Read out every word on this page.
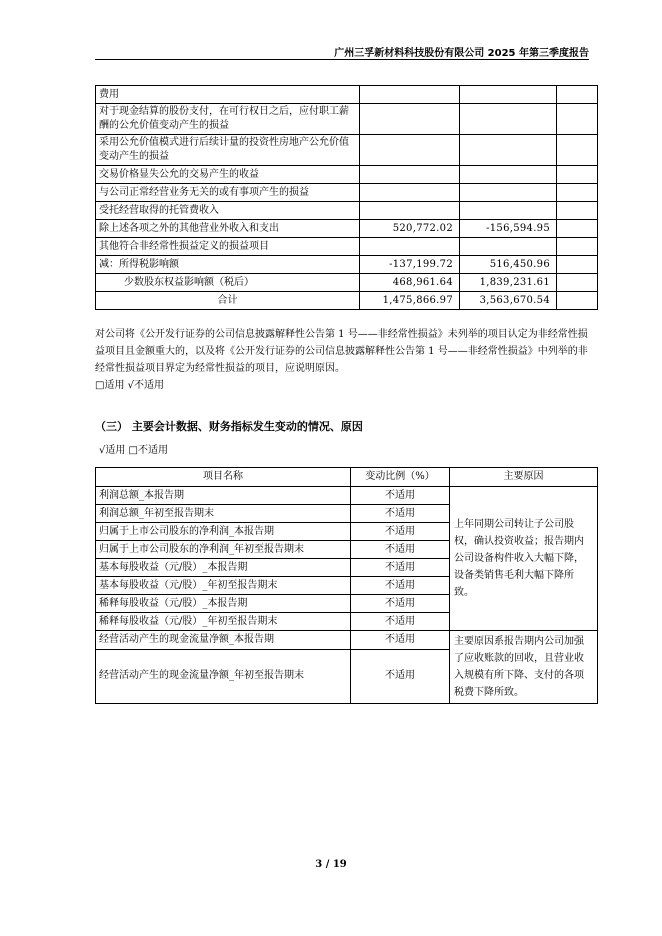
广州三孚新材料科技股份有限公司 2025 年第三季度报告
费用			
对于现金结算的股份支付，在可行权日之后，应付职工薪酬的公允价值变动产生的损益			
采用公允价值模式进行后续计量的投资性房地产公允价值变动产生的损益			
交易价格显失公允的交易产生的收益			
与公司正常经营业务无关的或有事项产生的损益			
受托经营取得的托管费收入			
除上述各项之外的其他营业外收入和支出	520,772.02	-156,594.95	
其他符合非经常性损益定义的损益项目			
减：所得税影响额	-137,199.72	516,450.96	
少数股东权益影响额（税后）	468,961.64	1,839,231.61	
合计	1,475,866.97	3,563,670.54	

对公司将《公开发行证券的公司信息披露解释性公告第 1 号——非经常性损益》未列举的项目认定为非经常性损益项目且金额重大的，以及将《公开发行证券的公司信息披露解释性公告第 1 号——非经常性损益》中列举的非经常性损益项目界定为经常性损益的项目，应说明原因。

□适用 √不适用

（三） 主要会计数据、财务指标发生变动的情况、原因
√适用 □不适用
项目名称	变动比例（%）	主要原因
利润总额_本报告期	不适用	上年同期公司转让子公司股权，确认投资收益；报告期内公司设备构件收入大幅下降，设备类销售毛利大幅下降所致。
利润总额_年初至报告期末	不适用	
归属于上市公司股东的净利润_本报告期	不适用	
归属于上市公司股东的净利润_年初至报告期末	不适用	
基本每股收益（元/股）_本报告期	不适用	
基本每股收益（元/股）_年初至报告期末	不适用	
稀释每股收益（元/股）_本报告期	不适用	
稀释每股收益（元/股）_年初至报告期末	不适用	
经营活动产生的现金流量净额_本报告期	不适用	主要原因系报告期内公司加强了应收账款的回收，且营业收入规模有所下降、支付的各项税费下降所致。
经营活动产生的现金流量净额_年初至报告期末	不适用	
3 / 19
